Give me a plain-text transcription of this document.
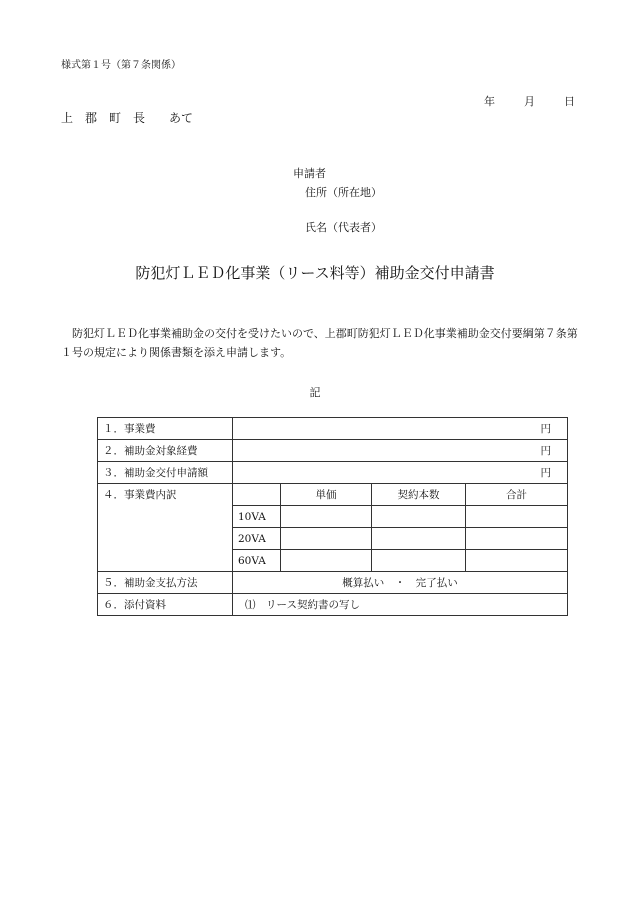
様式第１号（第７条関係）
年	月	日
上　郡　町　長　　あて
申請者
住所（所在地）
氏名（代表者）
防犯灯ＬＥＤ化事業（リース料等）補助金交付申請書
防犯灯ＬＥＤ化事業補助金の交付を受けたいので、上郡町防犯灯ＬＥＤ化事業補助金交付要綱第７条第１号の規定により関係書類を添え申請します。
記
１．事業費	円			
２．補助金対象経費	円			
３．補助金交付申請額	円			
４．事業費内訳		単価	契約本数	合計
	10VA			
	20VA			
	60VA			
５．補助金支払方法	概算払い　・　完了払い			
６．添付資料	⑴　リース契約書の写し			
